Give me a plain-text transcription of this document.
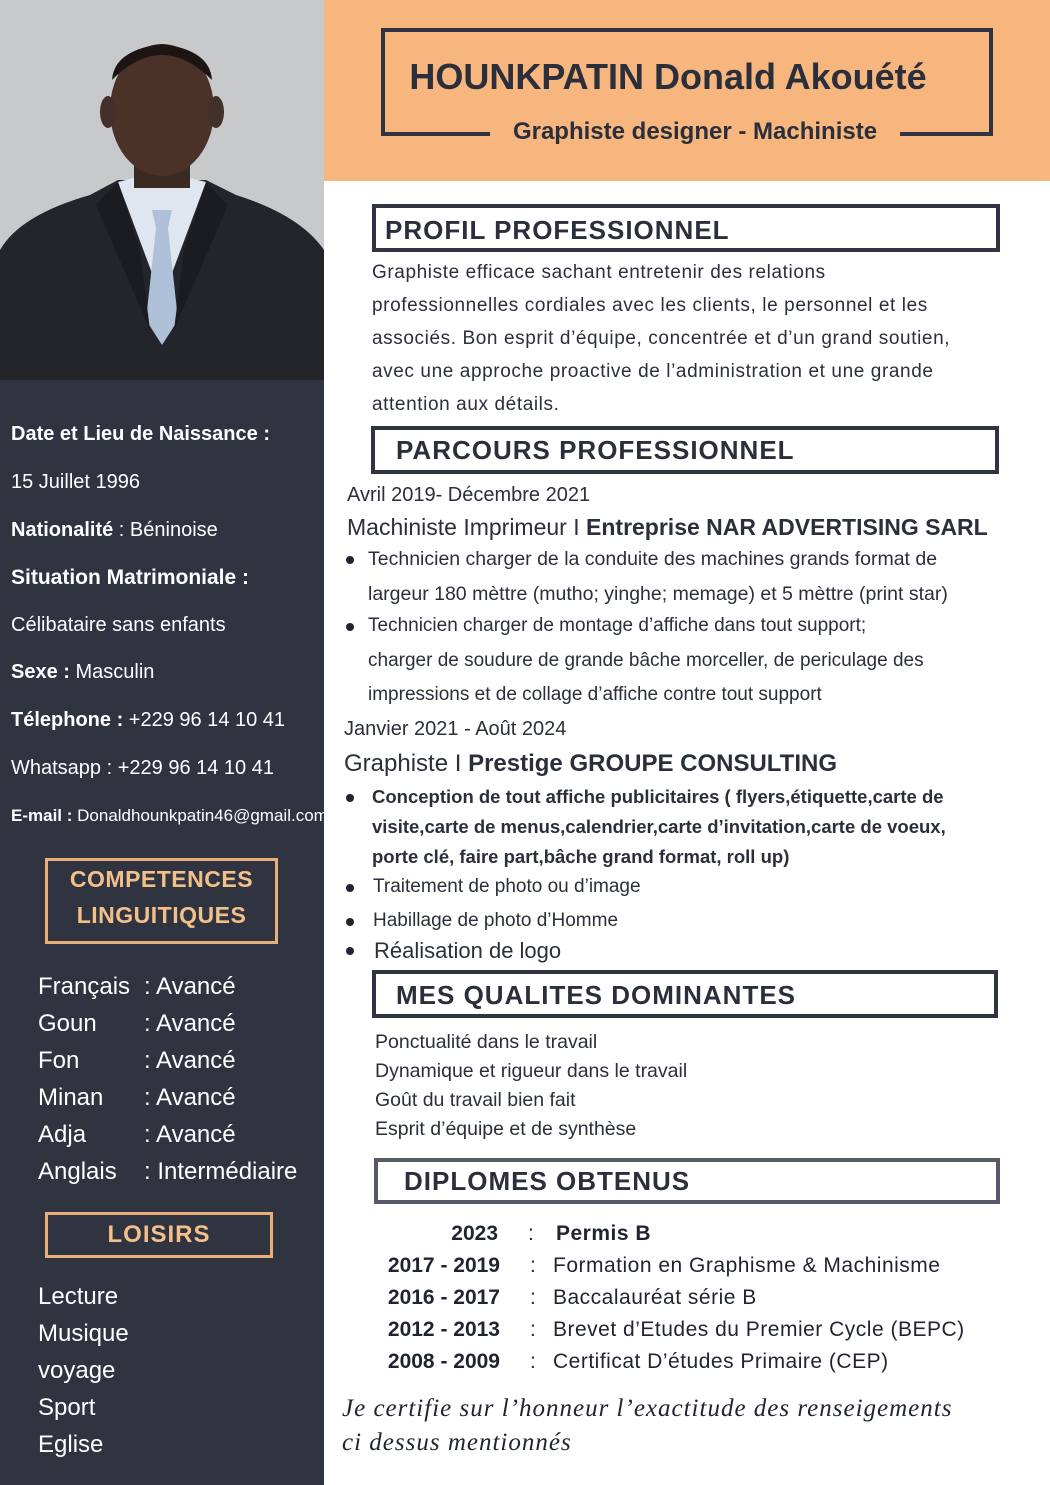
Date et Lieu de Naissance :
15 Juillet 1996
Nationalité : Béninoise
Situation Matrimoniale :
Célibataire sans enfants
Sexe : Masculin
Télephone : +229 96 14 10 41
Whatsapp : +229 96 14 10 41
E-mail : Donaldhounkpatin46@gmail.com
COMPETENCES
LINGUITIQUES
Français : Avancé
Goun : Avancé
Fon	: Avancé
Minan : Avancé
Adja : Avancé
Anglais : Intermédiaire
LOISIRS
Lecture
Musique
voyage
Sport
Eglise
HOUNKPATIN Donald Akouété
Graphiste designer - Machiniste
PROFIL PROFESSIONNEL
Graphiste efficace sachant entretenir des relations professionnelles cordiales avec les clients, le personnel et les associés. Bon esprit d’équipe, concentrée et d’un grand soutien, avec une approche proactive de l’administration et une grande attention aux détails.
PARCOURS PROFESSIONNEL
Avril 2019- Décembre 2021
Machiniste Imprimeur I Entreprise NAR ADVERTISING SARL
Technicien charger de la conduite des machines grands format de
largeur 180 mèttre (mutho; yinghe; memage) et 5 mèttre (print star)
Technicien charger de montage d’affiche dans tout support;
charger de soudure de grande bâche morceller, de periculage des
impressions et de collage d’affiche contre tout support
Janvier 2021 - Août 2024
Graphiste I Prestige GROUPE CONSULTING
Conception de tout affiche publicitaires ( flyers,étiquette,carte de
visite,carte de menus,calendrier,carte d’invitation,carte de voeux,
porte clé, faire part,bâche grand format, roll up)
Traitement de photo ou d’image
Habillage de photo d’Homme
Réalisation de logo
MES QUALITES DOMINANTES
Ponctualité dans le travail
Dynamique et rigueur dans le travail
Goût du travail bien fait
Esprit d’équipe et de synthèse
DIPLOMES OBTENUS
2023 : Permis B
2017 - 2019 : Formation en Graphisme & Machinisme
2016 - 2017 : Baccalauréat série B
2012 - 2013 : Brevet d’Etudes du Premier Cycle (BEPC)
2008 - 2009 : Certificat D’études Primaire (CEP)
Je certifie sur l’honneur l’exactitude des renseigements
ci dessus mentionnés
